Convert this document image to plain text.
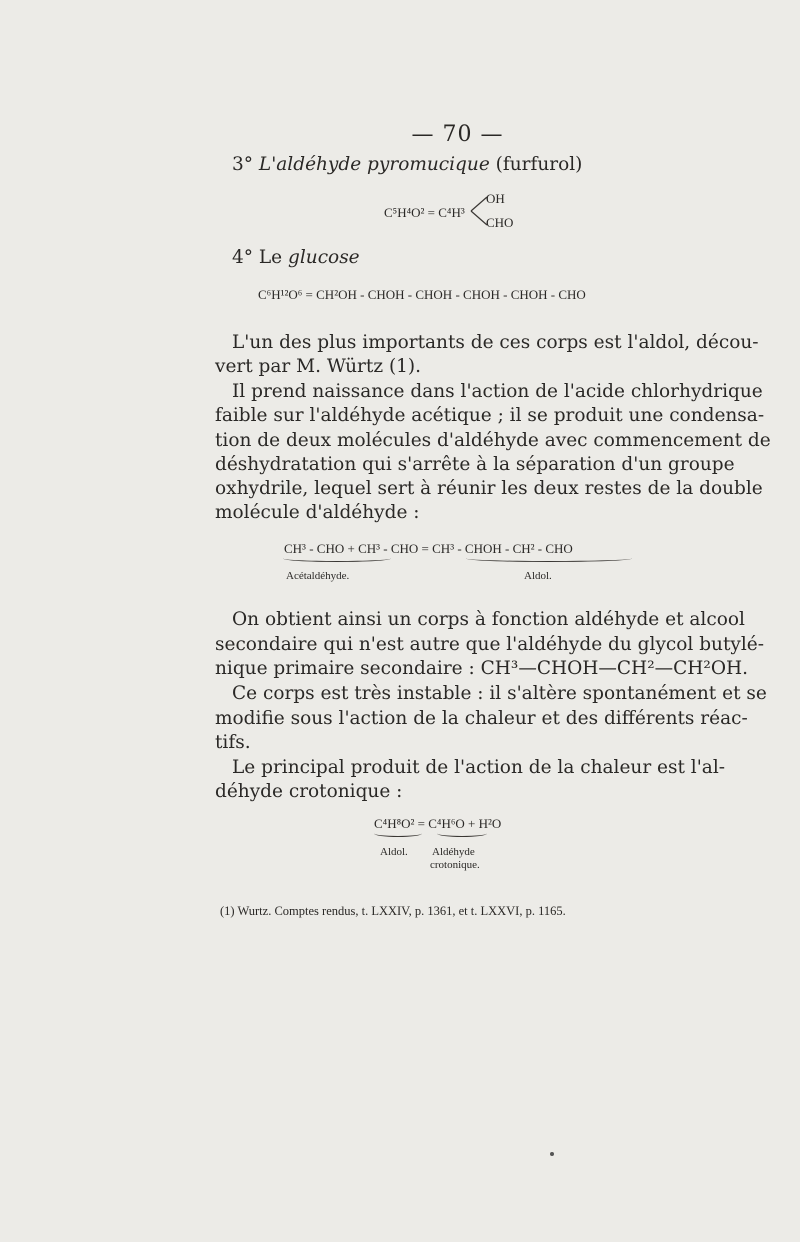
— 70 —
3° L'aldéhyde pyromucique (furfurol)
C⁵H⁴O² = C⁴H³
OH
CHO
4° Le glucose
C⁶H¹²O⁶ = CH²OH - CHOH - CHOH - CHOH - CHOH - CHO
L'un des plus importants de ces corps est l'aldol, décou-
vert par M. Würtz (1).
Il prend naissance dans l'action de l'acide chlorhydrique
faible sur l'aldéhyde acétique ; il se produit une condensa-
tion de deux molécules d'aldéhyde avec commencement de
déshydratation qui s'arrête à la séparation d'un groupe
oxhydrile, lequel sert à réunir les deux restes de la double
molécule d'aldéhyde :
CH³ - CHO + CH³ - CHO = CH³ - CHOH - CH² - CHO
Acétaldéhyde.	Aldol.
On obtient ainsi un corps à fonction aldéhyde et alcool
secondaire qui n'est autre que l'aldéhyde du glycol butylé-
nique primaire secondaire : CH³—CHOH—CH²—CH²OH.
Ce corps est très instable : il s'altère spontanément et se
modifie sous l'action de la chaleur et des différents réac-
tifs.
Le principal produit de l'action de la chaleur est l'al-
déhyde crotonique :
C⁴H⁸O² = C⁴H⁶O + H²O
Aldol. Aldéhyde
crotonique.
(1) Wurtz. Comptes rendus, t. LXXIV, p. 1361, et t. LXXVI, p. 1165.
